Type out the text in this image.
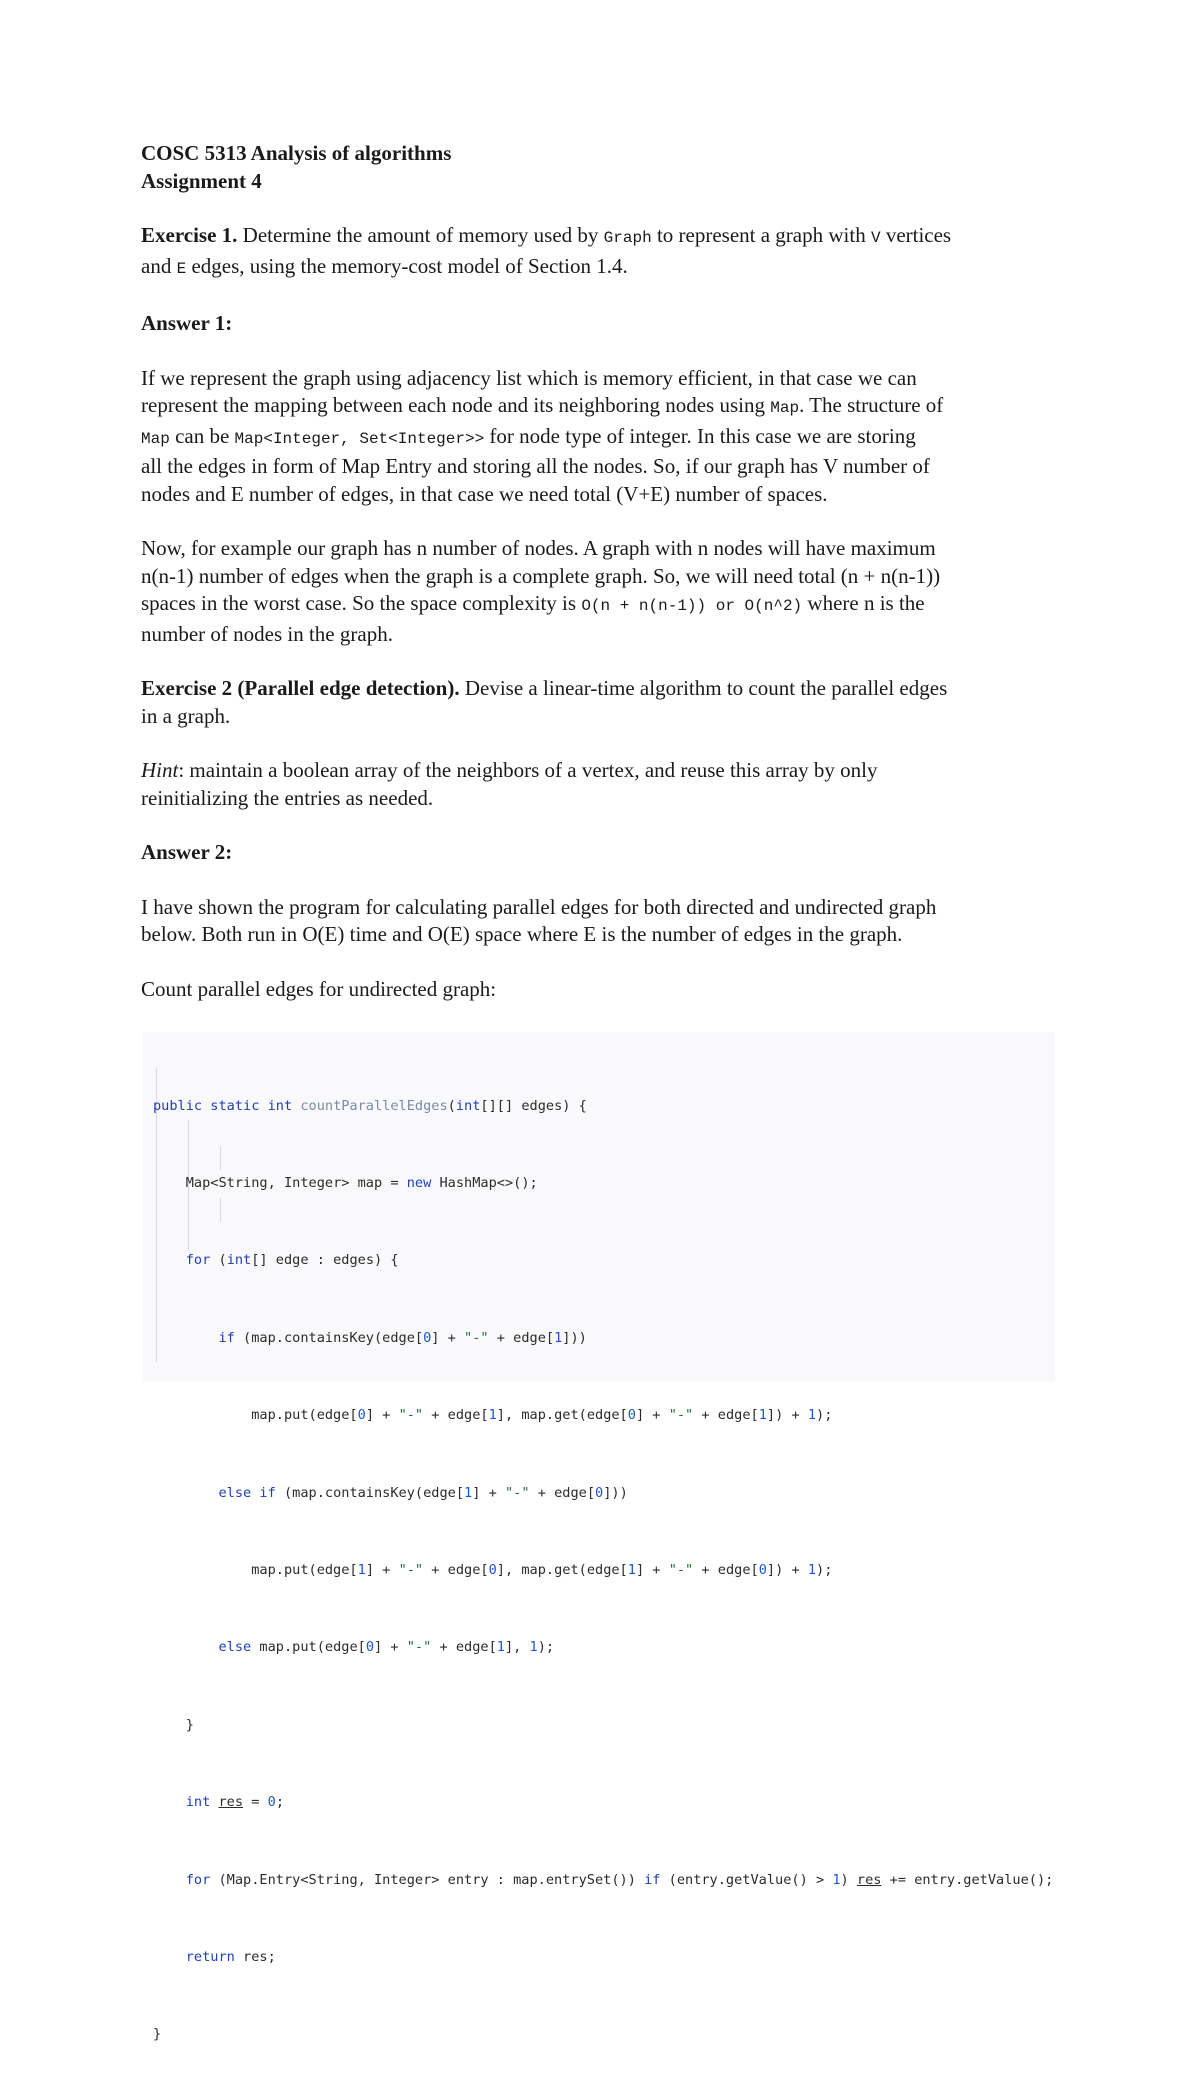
COSC 5313 Analysis of algorithms

Assignment 4

Exercise 1. Determine the amount of memory used by Graph to represent a graph with V vertices

and E edges, using the memory-cost model of Section 1.4.

Answer 1:

If we represent the graph using adjacency list which is memory efficient, in that case we can

represent the mapping between each node and its neighboring nodes using Map. The structure of

Map can be Map<Integer, Set<Integer>> for node type of integer. In this case we are storing

all the edges in form of Map Entry and storing all the nodes. So, if our graph has V number of

nodes and E number of edges, in that case we need total (V+E) number of spaces.

Now, for example our graph has n number of nodes. A graph with n nodes will have maximum

n(n-1) number of edges when the graph is a complete graph. So, we will need total (n + n(n-1))

spaces in the worst case. So the space complexity is O(n + n(n-1)) or O(n^2) where n is the

number of nodes in the graph.

Exercise 2 (Parallel edge detection). Devise a linear-time algorithm to count the parallel edges

in a graph.

Hint: maintain a boolean array of the neighbors of a vertex, and reuse this array by only

reinitializing the entries as needed.

Answer 2:

I have shown the program for calculating parallel edges for both directed and undirected graph

below. Both run in O(E) time and O(E) space where E is the number of edges in the graph.

Count parallel edges for undirected graph:

public static int countParallelEdges(int[][] edges) {

Map<String, Integer> map = new HashMap<>();

for (int[] edge : edges) {

if (map.containsKey(edge[0] + "-" + edge[1]))

map.put(edge[0] + "-" + edge[1], map.get(edge[0] + "-" + edge[1]) + 1);

else if (map.containsKey(edge[1] + "-" + edge[0]))

map.put(edge[1] + "-" + edge[0], map.get(edge[1] + "-" + edge[0]) + 1);

else map.put(edge[0] + "-" + edge[1], 1);

}

int res = 0;

for (Map.Entry<String, Integer> entry : map.entrySet()) if (entry.getValue() > 1) res += entry.getValue();

return res;

}
